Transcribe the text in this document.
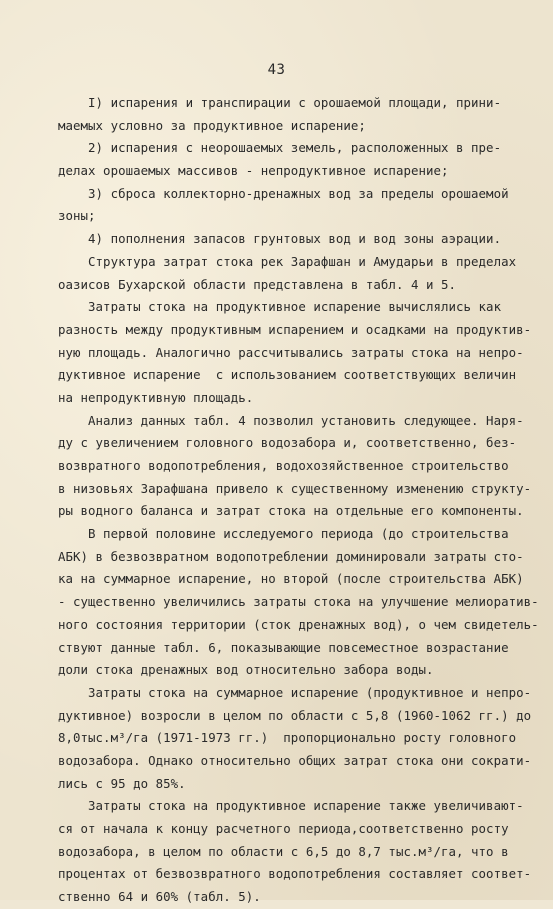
43
I) испарения и транспирации с орошаемой площади, прини-
маемых условно за продуктивное испарение;
2) испарения с неорошаемых земель, расположенных в пре-
делах орошаемых массивов - непродуктивное испарение;
3) сброса коллекторно-дренажных вод за пределы орошаемой
зоны;
4) пополнения запасов грунтовых вод и вод зоны аэрации.
Структура затрат стока рек Зарафшан и Амударьи в пределах
оазисов Бухарской области представлена в табл. 4 и 5.
Затраты стока на продуктивное испарение вычислялись как
разность между продуктивным испарением и осадками на продуктив-
ную площадь. Аналогично рассчитывались затраты стока на непро-
дуктивное испарение  с использованием соответствующих величин
на непродуктивную площадь.
Анализ данных табл. 4 позволил установить следующее. Наря-
ду с увеличением головного водозабора и, соответственно, без-
возвратного водопотребления, водохозяйственное строительство
в низовьях Зарафшана привело к существенному изменению структу-
ры водного баланса и затрат стока на отдельные его компоненты.
В первой половине исследуемого периода (до строительства
АБК) в безвозвратном водопотреблении доминировали затраты сто-
ка на суммарное испарение, но второй (после строительства АБК)
- существенно увеличились затраты стока на улучшение мелиоратив-
ного состояния территории (сток дренажных вод), о чем свидетель-
ствуют данные табл. 6, показывающие повсеместное возрастание
доли стока дренажных вод относительно забора воды.
Затраты стока на суммарное испарение (продуктивное и непро-
дуктивное) возросли в целом по области с 5,8 (1960-1062 гг.) до
8,0тыс.м³/га (1971-1973 гг.)  пропорционально росту головного
водозабора. Однако относительно общих затрат стока они сократи-
лись с 95 до 85%.
Затраты стока на продуктивное испарение также увеличивают-
ся от начала к концу расчетного периода,соответственно росту
водозабора, в целом по области с 6,5 до 8,7 тыс.м³/га, что в
процентах от безвозвратного водопотребления составляет соответ-
ственно 64 и 60% (табл. 5).
